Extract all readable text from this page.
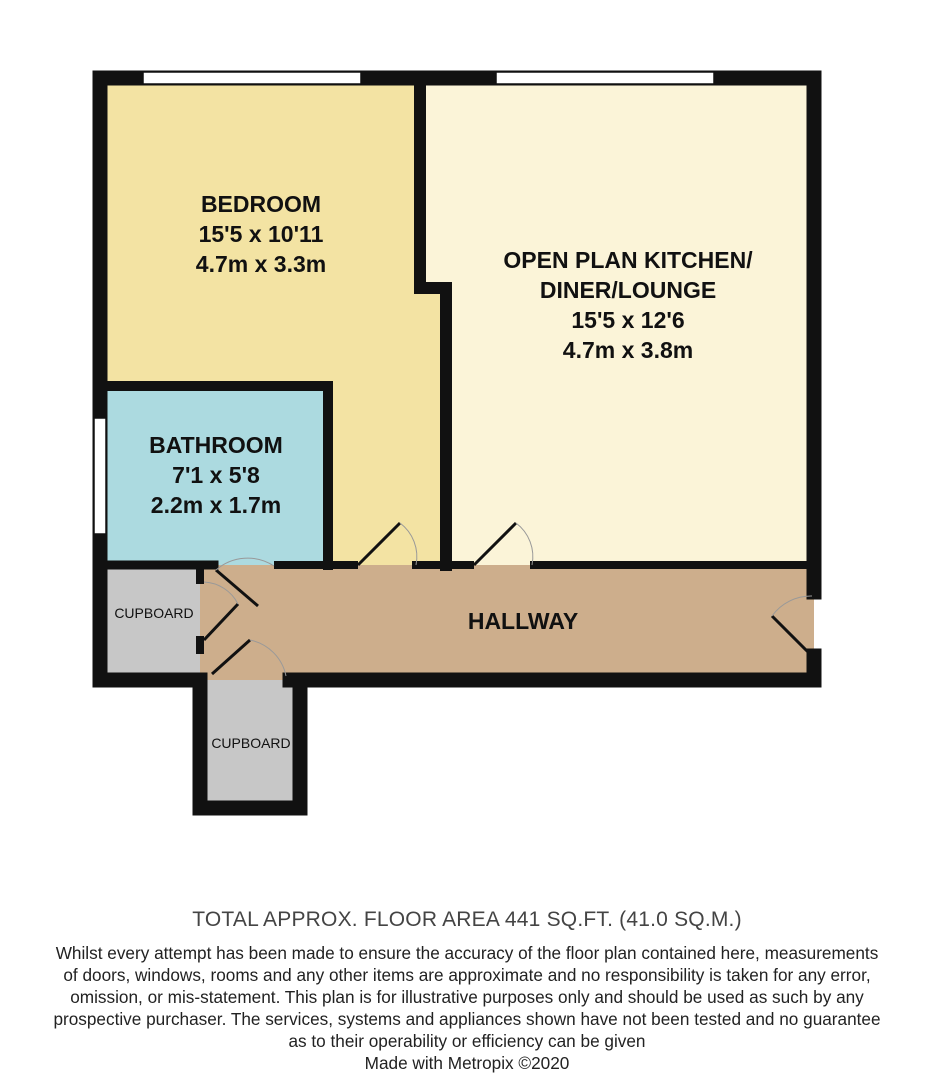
BEDROOM
15'5 x 10'11
4.7m x 3.3m	OPEN PLAN KITCHEN/
DINER/LOUNGE
15'5 x 12'6
4.7m x 3.8m
BATHROOM
7'1 x 5'8
2.2m x 1.7m
HALLWAY
CUPBOARD
CUPBOARD
TOTAL APPROX. FLOOR AREA 441 SQ.FT. (41.0 SQ.M.)
Whilst every attempt has been made to ensure the accuracy of the floor plan contained here, measurements
of doors, windows, rooms and any other items are approximate and no responsibility is taken for any error,
omission, or mis-statement. This plan is for illustrative purposes only and should be used as such by any
prospective purchaser. The services, systems and appliances shown have not been tested and no guarantee
as to their operability or efficiency can be given
Made with Metropix ©2020
